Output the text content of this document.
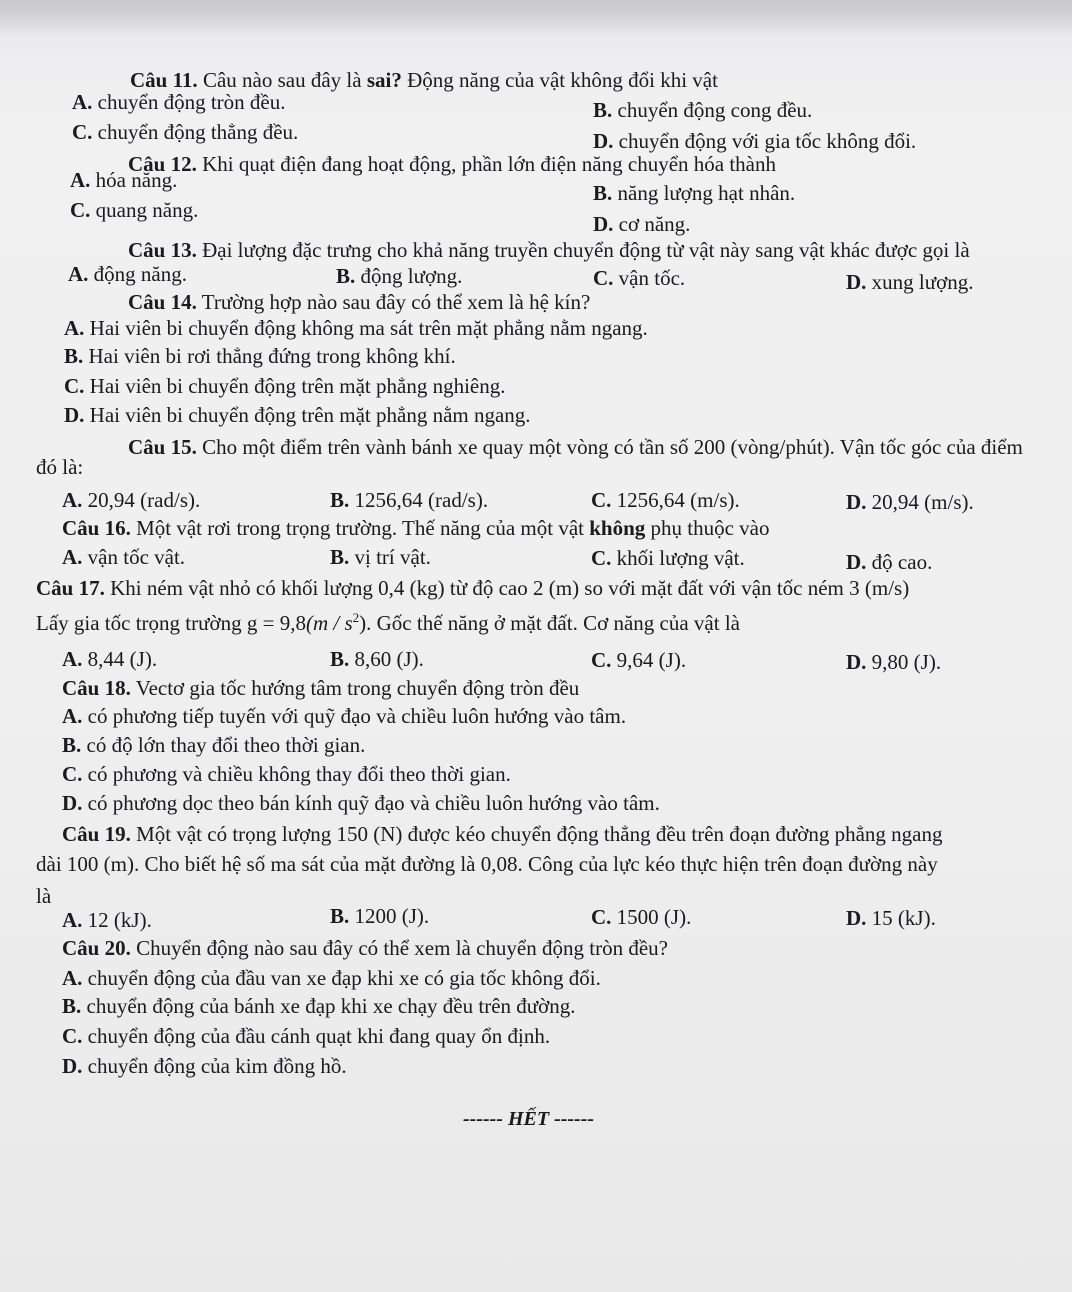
Câu 11. Câu nào sau đây là sai? Động năng của vật không đổi khi vật
A. chuyển động tròn đều.	B. chuyển động cong đều.
C. chuyển động thẳng đều.	D. chuyển động với gia tốc không đổi.
Câu 12. Khi quạt điện đang hoạt động, phần lớn điện năng chuyển hóa thành
A. hóa năng.
B. năng lượng hạt nhân.
C. quang năng.
D. cơ năng.
Câu 13. Đại lượng đặc trưng cho khả năng truyền chuyển động từ vật này sang vật khác được gọi là
A. động năng.	B. động lượng.	C. vận tốc.	D. xung lượng.
Câu 14. Trường hợp nào sau đây có thể xem là hệ kín?
A. Hai viên bi chuyển động không ma sát trên mặt phẳng nằm ngang.
B. Hai viên bi rơi thẳng đứng trong không khí.
C. Hai viên bi chuyển động trên mặt phẳng nghiêng.
D. Hai viên bi chuyển động trên mặt phẳng nằm ngang.
Câu 15. Cho một điểm trên vành bánh xe quay một vòng có tần số 200 (vòng/phút). Vận tốc góc của điểm
đó là:
A. 20,94 (rad/s).	B. 1256,64 (rad/s).	C. 1256,64 (m/s).	D. 20,94 (m/s).
Câu 16. Một vật rơi trong trọng trường. Thế năng của một vật không phụ thuộc vào
A. vận tốc vật.	B. vị trí vật.	C. khối lượng vật.	D. độ cao.
Câu 17. Khi ném vật nhỏ có khối lượng 0,4 (kg) từ độ cao 2 (m) so với mặt đất với vận tốc ném 3 (m/s)
Lấy gia tốc trọng trường $g = 9,8(m / s^2)$. Gốc thế năng ở mặt đất. Cơ năng của vật là
A. 8,44 (J).	B. 8,60 (J).	C. 9,64 (J).	D. 9,80 (J).
Câu 18. Vectơ gia tốc hướng tâm trong chuyển động tròn đều
A. có phương tiếp tuyến với quỹ đạo và chiều luôn hướng vào tâm.
B. có độ lớn thay đổi theo thời gian.
C. có phương và chiều không thay đổi theo thời gian.
D. có phương dọc theo bán kính quỹ đạo và chiều luôn hướng vào tâm.
Câu 19. Một vật có trọng lượng 150 (N) được kéo chuyển động thẳng đều trên đoạn đường phẳng ngang
dài 100 (m). Cho biết hệ số ma sát của mặt đường là 0,08. Công của lực kéo thực hiện trên đoạn đường này
là
A. 12 (kJ).	B. 1200 (J).	C. 1500 (J).	D. 15 (kJ).
Câu 20. Chuyển động nào sau đây có thể xem là chuyển động tròn đều?
A. chuyển động của đầu van xe đạp khi xe có gia tốc không đổi.
B. chuyển động của bánh xe đạp khi xe chạy đều trên đường.
C. chuyển động của đầu cánh quạt khi đang quay ổn định.
D. chuyển động của kim đồng hồ.
------ HẾT ------
